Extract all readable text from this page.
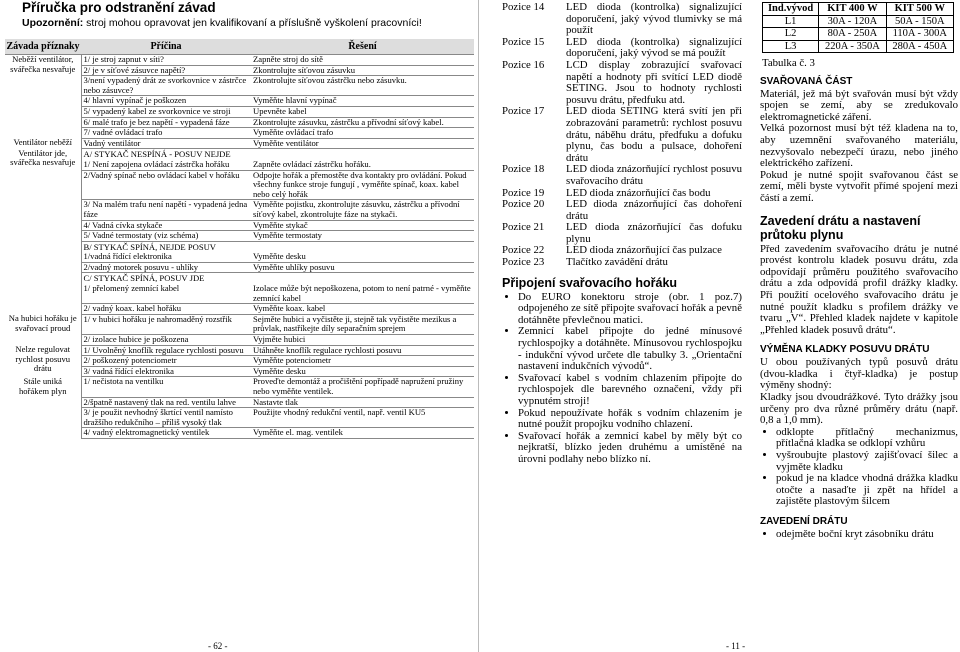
Příručka pro odstranění závad
Upozornění: stroj mohou opravovat jen kvalifikovaní a příslušně vyškolení pracovníci!
Závada příznaky	Příčina	Řešení
Neběží ventilátor, svářečka nesvařuje	1/ je stroj zapnut v síti?	Zapněte stroj do sítě
	2/ je v síťové zásuvce napětí?	Zkontrolujte síťovou zásuvku
	3/není vypadený drát ze svorkovnice v zástrčce nebo zásuvce?	Zkontrolujte síťovou zástrčku nebo zásuvku.
	4/ hlavní vypínač je poškozen	Vyměňte hlavní vypínač
	5/ vypadený kabel ze svorkovnice ve stroji	Upevněte kabel
	6/ malé trafo je bez napětí - vypadená fáze	Zkontrolujte zásuvku, zástrčku a přívodní síťový kabel.
	7/ vadné ovládací trafo	Vyměňte ovládací trafo
Ventilátor neběží	Vadný ventilátor	Vyměňte ventilátor
Ventilátor jde, svářečka nesvařuje	A/ STYKAČ NESPÍNÁ - POSUV NEJDE	
	1/ Není zapojena ovládací zástrčka hořáku	Zapněte ovládací zástrčku hořáku.
	2/Vadný spínač nebo ovládací kabel v hořáku	Odpojte hořák a přemostěte dva kontakty pro ovládání. Pokud všechny funkce stroje fungují , vyměňte spínač, koax. kabel nebo celý hořák
	3/ Na malém trafu není napětí - vypadená jedna fáze	Vyměňte pojistku, zkontrolujte zásuvku, zástrčku a přívodní síťový kabel, zkontrolujte fáze na stykači.
	4/ Vadná cívka stykače	Vyměňte stykač
	5/ Vadné termostaty (viz schéma)	Vyměňte termostaty
	B/ STYKAČ SPÍNÁ, NEJDE POSUV	
	1/vadná řídící elektronika	Vyměňte desku
	2/vadný motorek posuvu - uhlíky	Vyměňte uhlíky posuvu
	C/ STYKAČ SPÍNÁ, POSUV JDE	
	1/ přelomený zemnící kabel	Izolace může být nepoškozena, potom to není patrné - vyměňte zemnící kabel
	2/ vadný koax. kabel hořáku	Vyměňte koax. kabel
Na hubici hořáku je svařovací proud	1/ v hubici hořáku je nahromaděný rozstřik	Sejměte hubici a vyčistěte ji, stejně tak vyčistěte mezikus a průvlak, nastříkejte díly separačním sprejem
	2/ izolace hubice je poškozena	Vyjměte hubici
Nelze regulovat rychlost posuvu drátu	1/ Uvolněný knoflík regulace rychlosti posuvu	Utáhněte knoflík regulace rychlosti posuvu
	2/ poškozený potenciometr	Vyměňte potenciometr
	3/ vadná řídící elektronika	Vyměňte desku
Stále uniká hořákem plyn	1/ nečistota na ventilku	Proveďte demontáž a pročištění popřípadě napružení pružiny nebo vyměňte ventilek.
	2/špatně nastavený tlak na red. ventilu lahve	Nastavte tlak
	3/ je použit nevhodný škrtící ventil namísto dražšího redukčního – příliš vysoký tlak	Použijte vhodný redukční ventil, např. ventil KU5
	4/ vadný elektromagnetický ventilek	Vyměňte el. mag. ventilek
- 62 -
Pozice 14	LED dioda (kontrolka) signalizující doporučení, jaký vývod tlumivky se má použít
Pozice 15	LED dioda (kontrolka) signalizující doporučení, jaký vývod se má použít
Pozice 16	LCD display zobrazující svařovací napětí a hodnoty při svítící LED diodě SETING. Jsou to hodnoty rychlosti posuvu drátu, předfuku atd.
Pozice 17	LED dioda SETING která svítí jen při zobrazování parametrů: rychlost posuvu drátu, náběhu drátu, předfuku a dofuku plynu, čas bodu a pulsace, dohoření drátu
Pozice 18	LED dioda znázorňující rychlost posuvu svařovacího drátu
Pozice 19	LED dioda znázorňující čas bodu
Pozice 20	LED dioda znázorňující čas dohoření drátu
Pozice 21	LED dioda znázorňující čas dofuku plynu
Pozice 22	LED dioda znázorňující čas pulzace
Pozice 23	Tlačítko zavádění drátu
Připojení svařovacího hořáku
• Do EURO konektoru stroje (obr. 1 poz.7) odpojeného ze sítě připojte svařovací hořák a pevně dotáhněte převlečnou matici.
• Zemnicí kabel připojte do jedné mínusové rychlospojky a dotáhněte. Mínusovou rychlospojku - indukční vývod určete dle tabulky 3. „Orientační nastavení indukčních vývodů“.
• Svařovací kabel s vodním chlazením připojte do rychlospojek dle barevného označení, vždy při vypnutém stroji!
• Pokud nepoužívate hořák s vodním chlazením je nutné použít propojku vodního chlazení.
• Svařovací hořák a zemnicí kabel by měly být co nejkratší, blízko jeden druhému a umístěné na úrovni podlahy nebo blízko ní.
Ind.vývod	KIT 400 W	KIT 500 W
L1	30A - 120A	50A - 150A
L2	80A - 250A	110A - 300A
L3	220A - 350A	280A - 450A
Tabulka č. 3
SVAŘOVANÁ ČÁST

Materiál, jež má být svařován musí být vždy spojen se zemí, aby se zredukovalo elektromagnetické záření.

Velká pozornost musí být též kladena na to, aby uzemnění svařovaného materiálu, nezvyšovalo nebezpečí úrazu, nebo jiného elektrického zařízení.

Pokud je nutné spojit svařovanou část se zemí, měli byste vytvořit přímé spojení mezi částí a zemí.

Zavedení drátu a nastavení průtoku plynu

Před zavedením svařovacího drátu je nutné provést kontrolu kladek posuvu drátu, zda odpovídají průměru použitého svařovacího drátu a zda odpovídá profil drážky kladky. Při použití ocelového svařovacího drátu je nutné použít kladku s profilem drážky ve tvaru „V“. Přehled kladek najdete v kapitole „Přehled kladek posuvů drátu“.

VÝMĚNA KLADKY POSUVU DRÁTU

U obou používaných typů posuvů drátu (dvou-kladka i čtyř-kladka) je postup výměny shodný:

Kladky jsou dvoudrážkové. Tyto drážky jsou určeny pro dva různé průměry drátu (např. 0,8 a 1,0 mm).

• odklopte přítlačný mechanizmus, přítlačná kladka se odklopí vzhůru
• vyšroubujte plastový zajišťovací šilec a vyjměte kladku
• pokud je na kladce vhodná drážka kladku otočte a nasaďte ji zpět na hřídel a zajistěte plastovým šilcem
ZAVEDENÍ DRÁTU
• odejměte boční kryt zásobníku drátu
- 11 -
